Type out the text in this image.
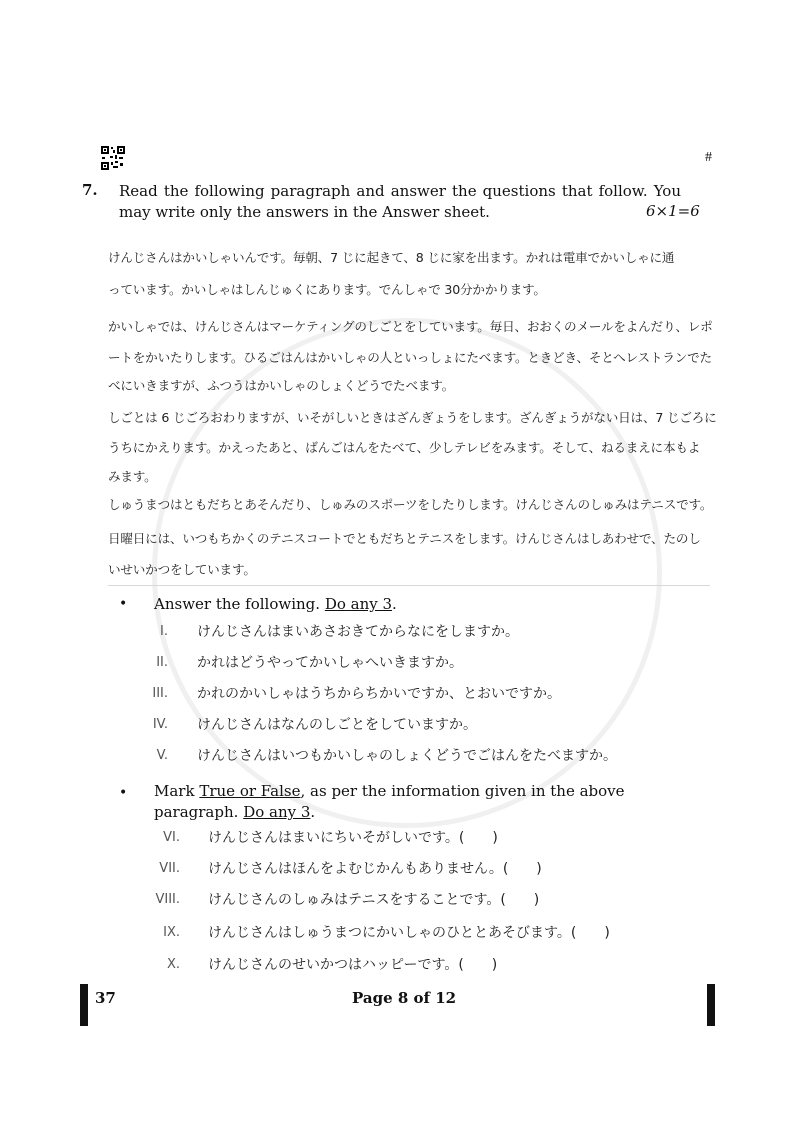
#
7. Read the following paragraph and answer the questions that follow. You may write only the answers in the Answer sheet.	6×1=6
けんじさんはかいしゃいんです。毎朝、7 じに起きて、8 じに家を出ます。かれは電車でかいしゃに通
っています。かいしゃはしんじゅくにあります。でんしゃで 30分かかります。
かいしゃでは、けんじさんはマーケティングのしごとをしています。毎日、おおくのメールをよんだり、レポ
ートをかいたりします。ひるごはんはかいしゃの人といっしょにたべます。ときどき、そとへレストランでた
べにいきますが、ふつうはかいしゃのしょくどうでたべます。
しごとは 6 じごろおわりますが、いそがしいときはざんぎょうをします。ざんぎょうがない日は、7 じごろに
うちにかえります。かえったあと、ばんごはんをたべて、少しテレビをみます。そして、ねるまえに本もよ
みます。
しゅうまつはともだちとあそんだり、しゅみのスポーツをしたりします。けんじさんのしゅみはテニスです。
日曜日には、いつもちかくのテニスコートでともだちとテニスをします。けんじさんはしあわせで、たのし
いせいかつをしています。
• Answer the following. Do any 3.
I. けんじさんはまいあさおきてからなにをしますか。
II. かれはどうやってかいしゃへいきますか。
III. かれのかいしゃはうちからちかいですか、とおいですか。
IV. けんじさんはなんのしごとをしていますか。
V. けんじさんはいつもかいしゃのしょくどうでごはんをたべますか。
• Mark True or False, as per the information given in the above
paragraph. Do any 3.
VI. けんじさんはまいにちいそがしいです。(　　)
VII. けんじさんはほんをよむじかんもありません。(　　)
VIII. けんじさんのしゅみはテニスをすることです。(　　)
IX. けんじさんはしゅうまつにかいしゃのひととあそびます。(　　)
X. けんじさんのせいかつはハッピーです。(　　)
37	Page 8 of 12
